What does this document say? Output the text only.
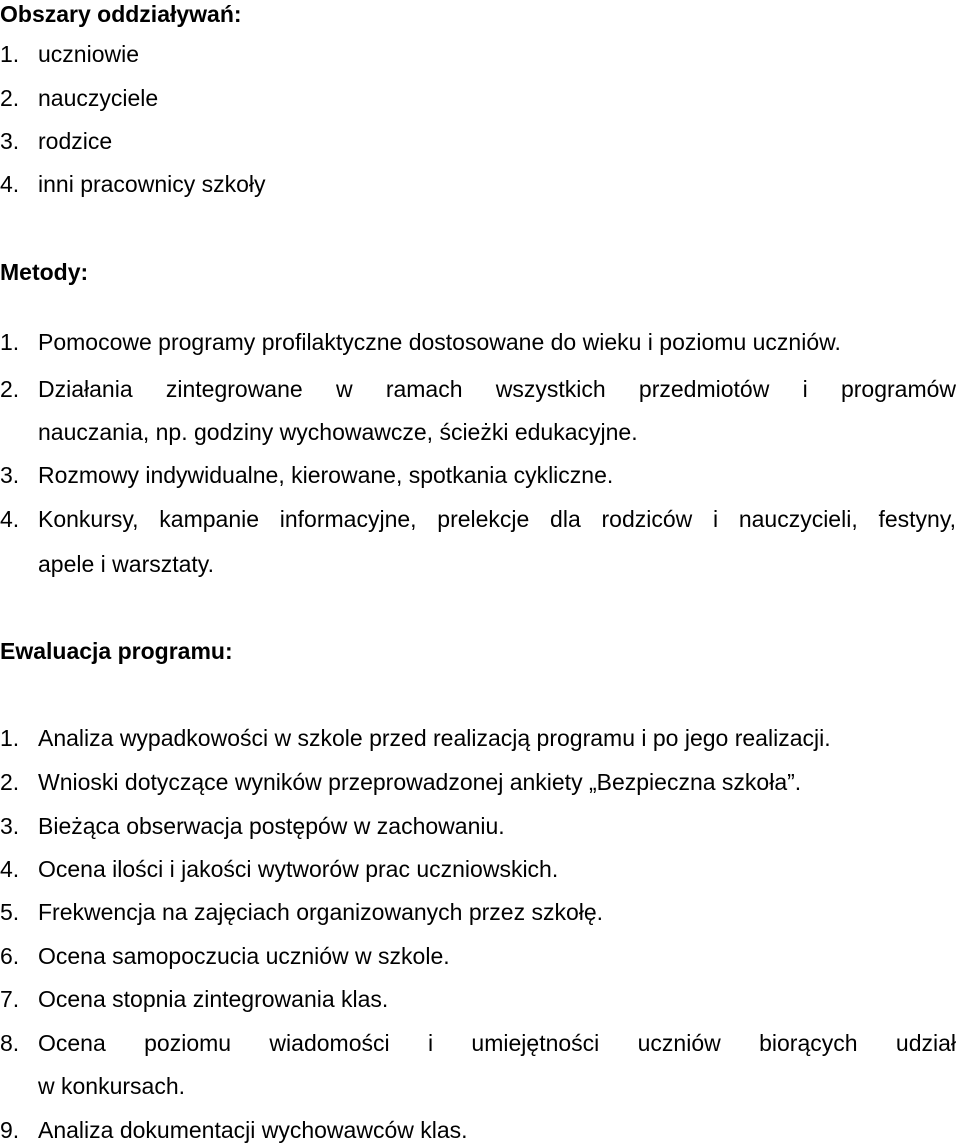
Obszary oddziaływań:
1. uczniowie
2. nauczyciele
3. rodzice
4. inni pracownicy szkoły
Metody:
1. Pomocowe programy profilaktyczne dostosowane do wieku i poziomu uczniów.
2. Działania zintegrowane w ramach wszystkich przedmiotów i programów
nauczania, np. godziny wychowawcze, ścieżki edukacyjne.
3. Rozmowy indywidualne, kierowane, spotkania cykliczne.
4. Konkursy, kampanie informacyjne, prelekcje dla rodziców i nauczycieli, festyny,
apele i warsztaty.
Ewaluacja programu:
1. Analiza wypadkowości w szkole przed realizacją programu i po jego realizacji.
2. Wnioski dotyczące wyników przeprowadzonej ankiety „Bezpieczna szkoła”.
3. Bieżąca obserwacja postępów w zachowaniu.
4. Ocena ilości i jakości wytworów prac uczniowskich.
5. Frekwencja na zajęciach organizowanych przez szkołę.
6. Ocena samopoczucia uczniów w szkole.
7. Ocena stopnia zintegrowania klas.
8. Ocena poziomu wiadomości i umiejętności uczniów biorących udział
w konkursach.
9. Analiza dokumentacji wychowawców klas.
